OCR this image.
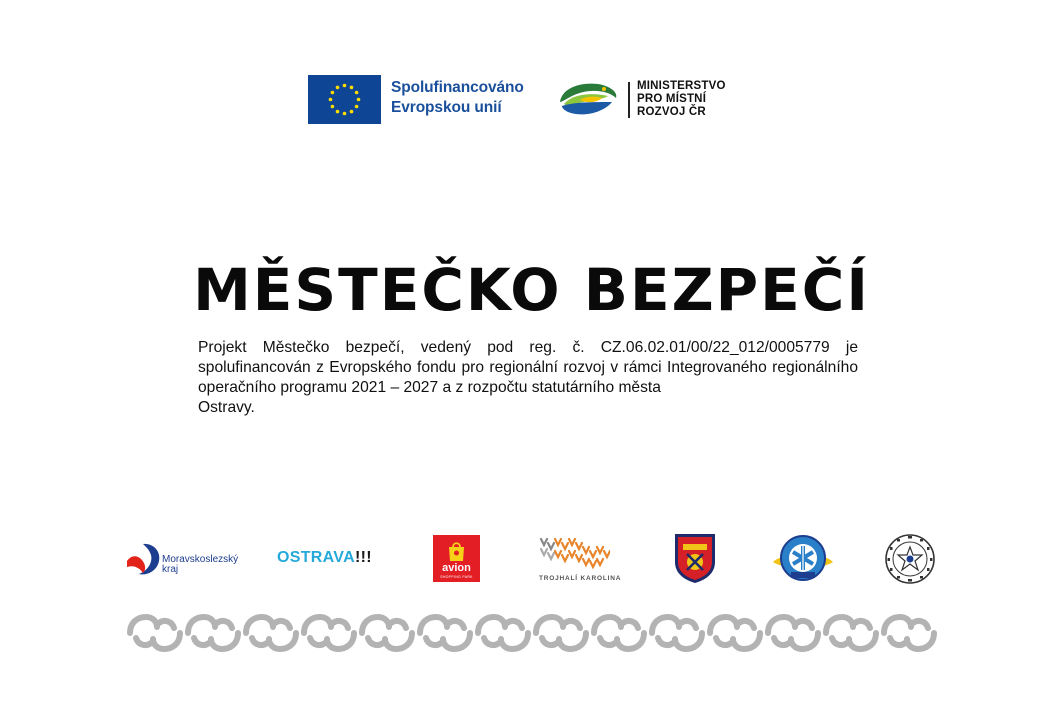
Spolufinancováno
Evropskou unií
MINISTERSTVO
PRO MÍSTNÍ
ROZVOJ ČR
MĚSTEČKO BEZPEČÍ
Projekt Městečko bezpečí, vedený pod reg. č. CZ.06.02.01/00/22_012/0005779 je spolufinancován z Evropského fondu pro regionální rozvoj v rámci Integrovaného regionálního operačního programu 2021 – 2027 a z rozpočtu statutárního města
Ostravy.
Moravskoslezský
kraj
OSTRAVA!!!
avion
SHOPPING PARK	TROJHALÍ KAROLINA
